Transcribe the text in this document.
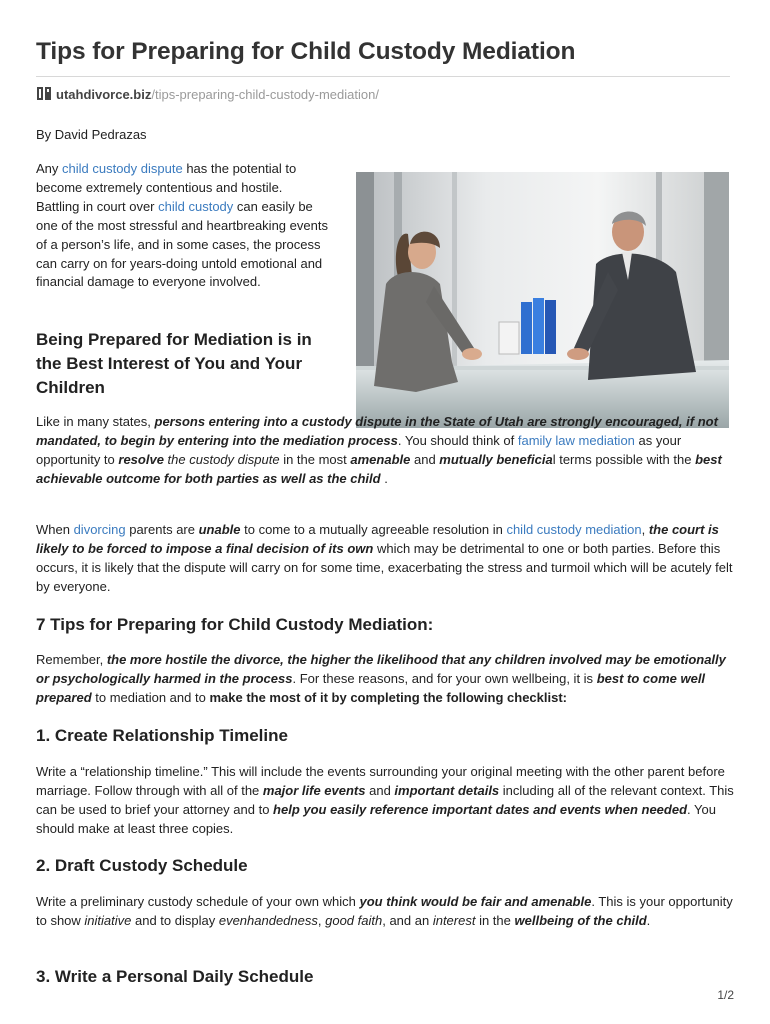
Tips for Preparing for Child Custody Mediation
utahdivorce.biz /tips-preparing-child-custody-mediation/

By David Pedrazas

Any child custody dispute has the potential to become extremely contentious and hostile. Battling in court over child custody can easily be one of the most stressful and heartbreaking events of a person’s life, and in some cases, the process can carry on for years-doing untold emotional and financial damage to everyone involved.

Being Prepared for Mediation is in the Best Interest of You and Your Children

Like in many states, persons entering into a custody dispute in the State of Utah are strongly encouraged, if not mandated, to begin by entering into the mediation process. You should think of family law mediation as your opportunity to resolve the custody dispute in the most amenable and mutually beneficial terms possible with the best achievable outcome for both parties as well as the child .

When divorcing parents are unable to come to a mutually agreeable resolution in child custody mediation, the court is likely to be forced to impose a final decision of its own which may be detrimental to one or both parties. Before this occurs, it is likely that the dispute will carry on for some time, exacerbating the stress and turmoil which will be acutely felt by everyone.

7 Tips for Preparing for Child Custody Mediation:

Remember, the more hostile the divorce, the higher the likelihood that any children involved may be emotionally or psychologically harmed in the process. For these reasons, and for your own wellbeing, it is best to come well prepared to mediation and to make the most of it by completing the following checklist:

1. Create Relationship Timeline

Write a “relationship timeline.” This will include the events surrounding your original meeting with the other parent before marriage. Follow through with all of the major life events and important details including all of the relevant context. This can be used to brief your attorney and to help you easily reference important dates and events when needed. You should make at least three copies.

2. Draft Custody Schedule

Write a preliminary custody schedule of your own which you think would be fair and amenable. This is your opportunity to show initiative and to display evenhandedness, good faith, and an interest in the wellbeing of the child.

3. Write a Personal Daily Schedule
1/2
